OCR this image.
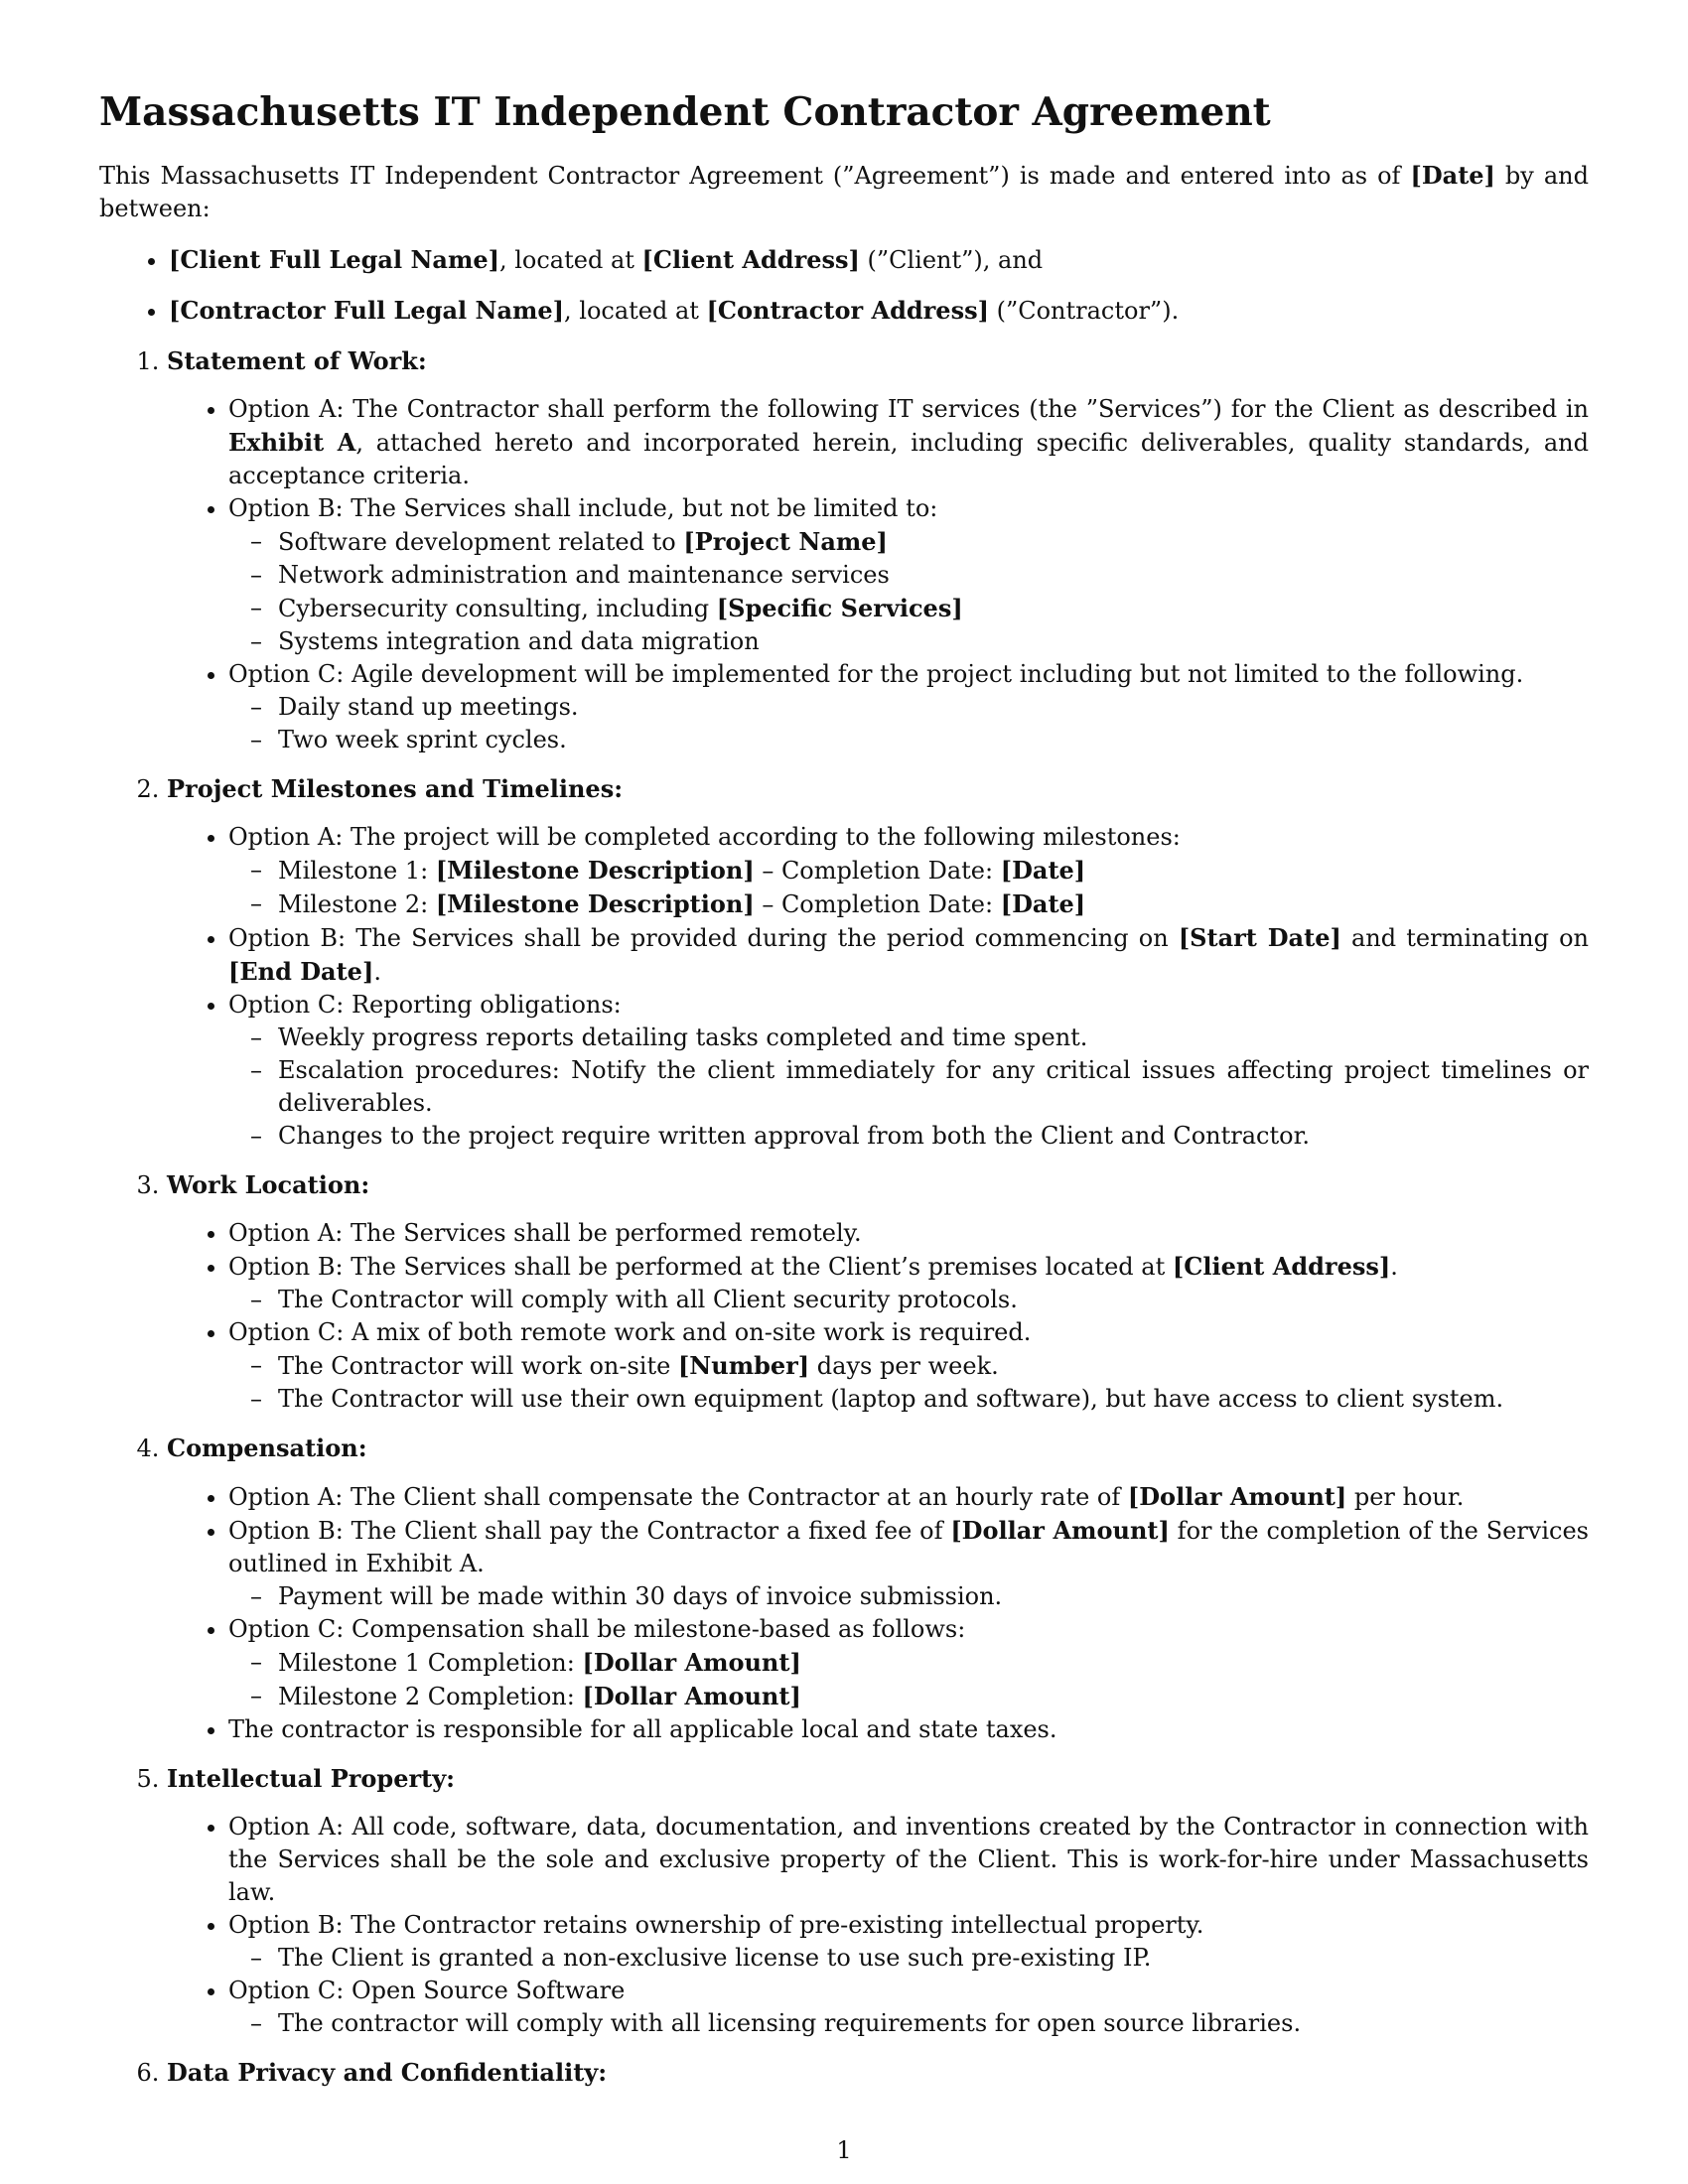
Massachusetts IT Independent Contractor Agreement

This Massachusetts IT Independent Contractor Agreement (”Agreement”) is made and entered into as of [Date] by and between:

• [Client Full Legal Name], located at [Client Address] (”Client”), and
• [Contractor Full Legal Name], located at [Contractor Address] (”Contractor”).
1. Statement of Work:
• Option A: The Contractor shall perform the following IT services (the ”Services”) for the Client as described in Exhibit A, attached hereto and incorporated herein, including specific deliverables, quality standards, and acceptance criteria.
• Option B: The Services shall include, but not be limited to:
– Software development related to [Project Name]
– Network administration and maintenance services
– Cybersecurity consulting, including [Specific Services]
– Systems integration and data migration
• Option C: Agile development will be implemented for the project including but not limited to the following.
– Daily stand up meetings.
– Two week sprint cycles.
2. Project Milestones and Timelines:
• Option A: The project will be completed according to the following milestones:
– Milestone 1: [Milestone Description] – Completion Date: [Date]
– Milestone 2: [Milestone Description] – Completion Date: [Date]
• Option B: The Services shall be provided during the period commencing on [Start Date] and terminating on [End Date].
• Option C: Reporting obligations:
– Weekly progress reports detailing tasks completed and time spent.
– Escalation procedures: Notify the client immediately for any critical issues affecting project timelines or deliverables.
– Changes to the project require written approval from both the Client and Contractor.
3. Work Location:
• Option A: The Services shall be performed remotely.
• Option B: The Services shall be performed at the Client’s premises located at [Client Address].
– The Contractor will comply with all Client security protocols.
• Option C: A mix of both remote work and on-site work is required.
– The Contractor will work on-site [Number] days per week.
– The Contractor will use their own equipment (laptop and software), but have access to client system.
4. Compensation:
• Option A: The Client shall compensate the Contractor at an hourly rate of [Dollar Amount] per hour.
• Option B: The Client shall pay the Contractor a fixed fee of [Dollar Amount] for the completion of the Services outlined in Exhibit A.
– Payment will be made within 30 days of invoice submission.
• Option C: Compensation shall be milestone-based as follows:
– Milestone 1 Completion: [Dollar Amount]
– Milestone 2 Completion: [Dollar Amount]
• The contractor is responsible for all applicable local and state taxes.
5. Intellectual Property:
• Option A: All code, software, data, documentation, and inventions created by the Contractor in connection with the Services shall be the sole and exclusive property of the Client. This is work-for-hire under Massachusetts law.
• Option B: The Contractor retains ownership of pre-existing intellectual property.
– The Client is granted a non-exclusive license to use such pre-existing IP.
• Option C: Open Source Software
– The contractor will comply with all licensing requirements for open source libraries.
6. Data Privacy and Confidentiality:
1
